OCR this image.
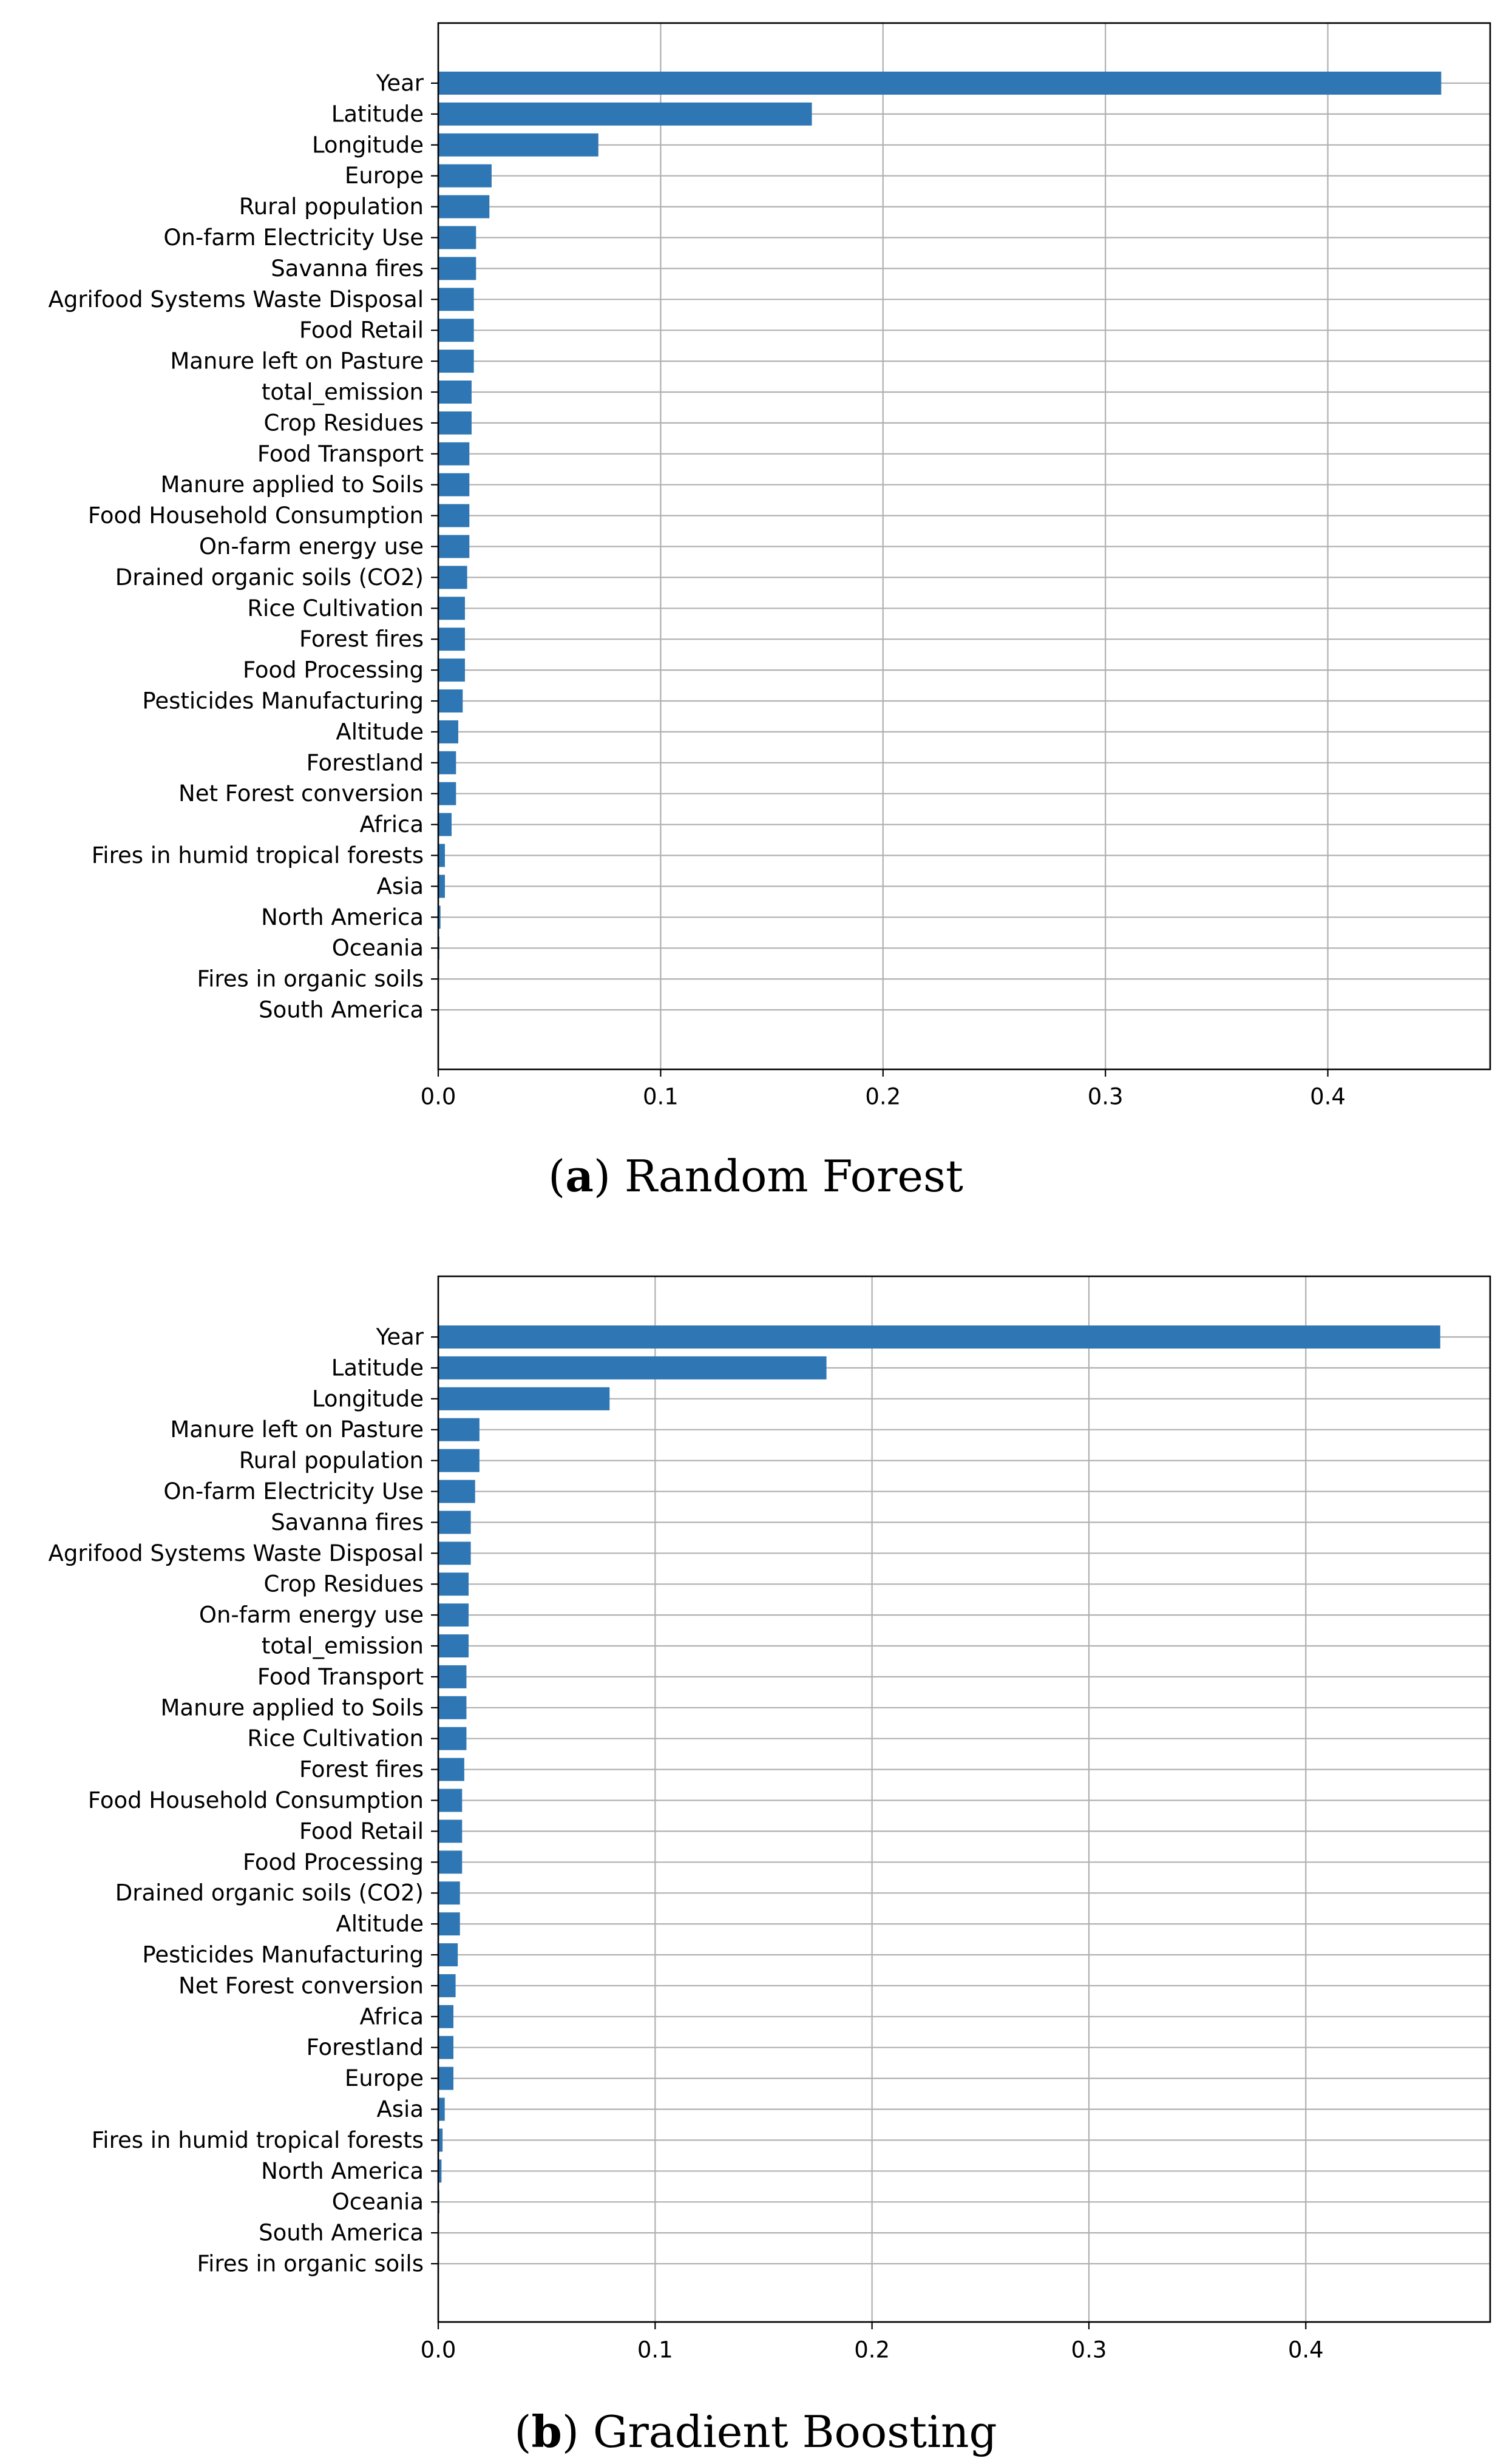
Year
Latitude
Longitude
Europe
Rural population
On-farm Electricity Use
Savanna fires
Agrifood Systems Waste Disposal
Food Retail
Manure left on Pasture
total_emission
Crop Residues
Food Transport
Manure applied to Soils
Food Household Consumption
On-farm energy use
Drained organic soils (CO2)
Rice Cultivation
Forest fires
Food Processing
Pesticides Manufacturing
Altitude
Forestland
Net Forest conversion
Africa
Fires in humid tropical forests
Asia
North America
Oceania
Fires in organic soils
South America
0.0	0.1	0.2	0.3	0.4
(a) Random Forest
Year
Latitude
Longitude
Manure left on Pasture
Rural population
On-farm Electricity Use
Savanna fires
Agrifood Systems Waste Disposal
Crop Residues
On-farm energy use
total_emission
Food Transport
Manure applied to Soils
Rice Cultivation
Forest fires
Food Household Consumption
Food Retail
Food Processing
Drained organic soils (CO2)
Altitude
Pesticides Manufacturing
Net Forest conversion
Africa
Forestland
Europe
Asia
Fires in humid tropical forests
North America
Oceania
South America
Fires in organic soils
0.0	0.1	0.2	0.3	0.4
(b) Gradient Boosting
